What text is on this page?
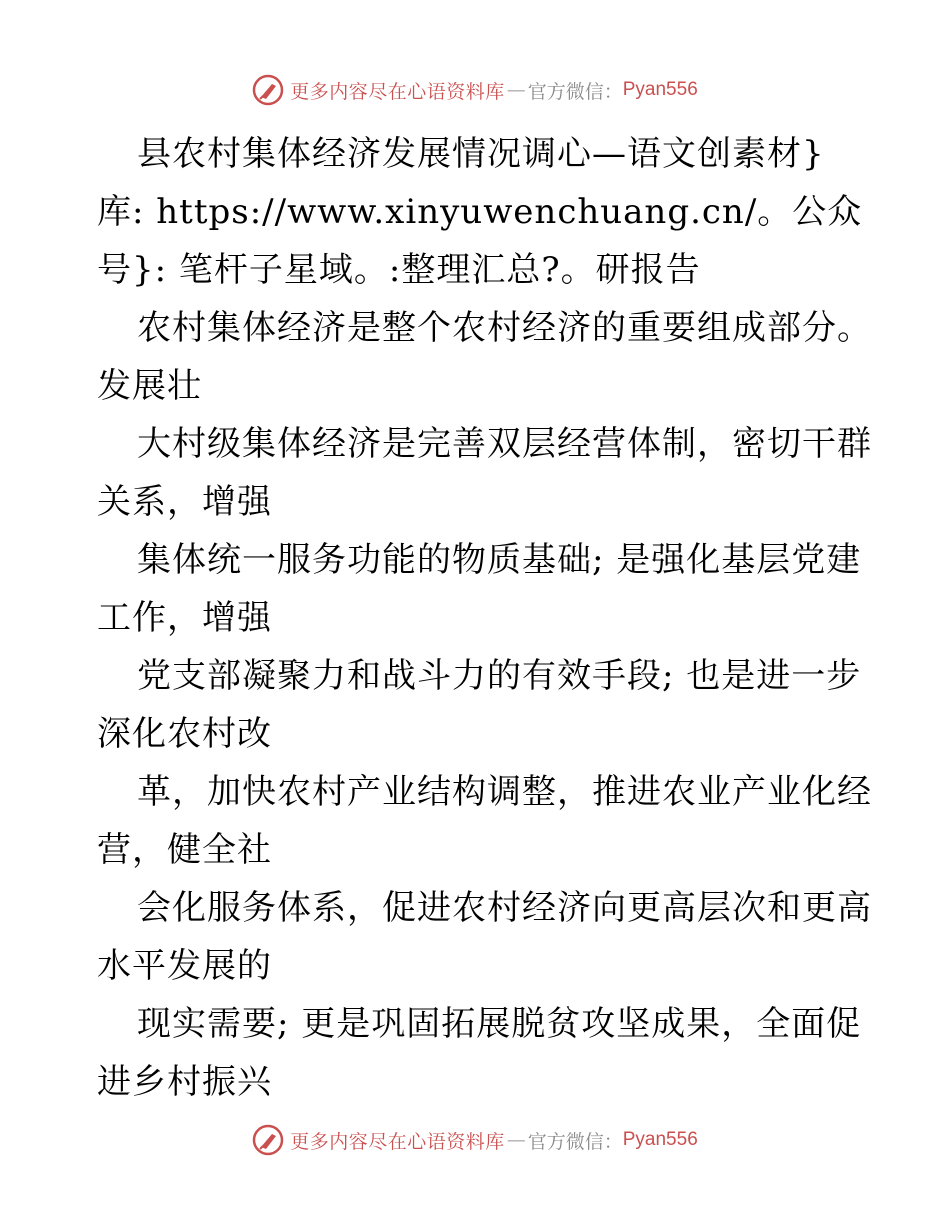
更多内容尽在心语资料库 — 官方微信： Pyan556
县农村集体经济发展情况调心—语文创素材}
库: https://www.xinyuwenchuang.cn/。公众
号}: 笔杆子星域。:整理汇总?。研报告
农村集体经济是整个农村经济的重要组成部分。
发展壮
大村级集体经济是完善双层经营体制，密切干群
关系，增强
集体统一服务功能的物质基础; 是强化基层党建
工作，增强
党支部凝聚力和战斗力的有效手段; 也是进一步
深化农村改
革，加快农村产业结构调整，推进农业产业化经
营，健全社
会化服务体系，促进农村经济向更高层次和更高
水平发展的
现实需要; 更是巩固拓展脱贫攻坚成果，全面促
进乡村振兴
更多内容尽在心语资料库 — 官方微信： Pyan556
